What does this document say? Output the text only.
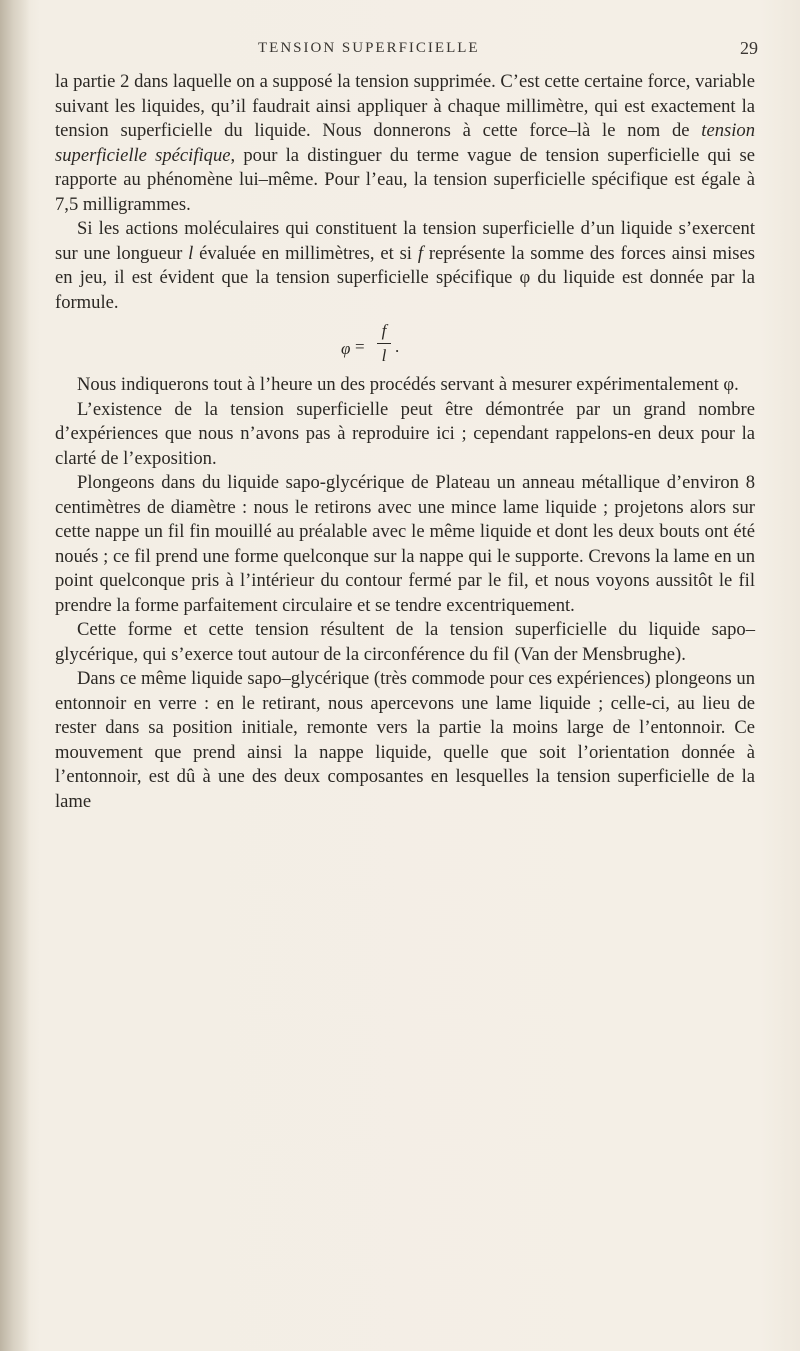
TENSION SUPERFICIELLE	29

la partie 2 dans laquelle on a supposé la tension supprimée. C’est cette certaine force, variable suivant les liquides, qu’il faudrait ainsi appliquer à chaque millimètre, qui est exactement la tension superficielle du liquide. Nous donnerons à cette force–là le nom de tension superficielle spécifique, pour la distinguer du terme vague de tension superficielle qui se rapporte au phénomène lui–même. Pour l’eau, la tension superficielle spécifique est égale à 7,5 milligrammes.

Si les actions moléculaires qui constituent la tension superficielle d’un liquide s’exercent sur une longueur l évaluée en millimètres, et si f représente la somme des forces ainsi mises en jeu, il est évident que la tension superficielle spécifique φ du liquide est donnée par la formule.

φ =
f
l .

Nous indiquerons tout à l’heure un des procédés servant à mesurer expérimentalement φ.

L’existence de la tension superficielle peut être démontrée par un grand nombre d’expériences que nous n’avons pas à reproduire ici ; cependant rappelons-en deux pour la clarté de l’exposition.

Plongeons dans du liquide sapo-glycérique de Plateau un anneau métallique d’environ 8 centimètres de diamètre : nous le retirons avec une mince lame liquide ; projetons alors sur cette nappe un fil fin mouillé au préalable avec le même liquide et dont les deux bouts ont été noués ; ce fil prend une forme quelconque sur la nappe qui le supporte. Crevons la lame en un point quelconque pris à l’intérieur du contour fermé par le fil, et nous voyons aussitôt le fil prendre la forme parfaitement circulaire et se tendre excentriquement.

Cette forme et cette tension résultent de la tension superficielle du liquide sapo–glycérique, qui s’exerce tout autour de la circonférence du fil (Van der Mensbrughe).

Dans ce même liquide sapo–glycérique (très commode pour ces expériences) plongeons un entonnoir en verre : en le retirant, nous apercevons une lame liquide ; celle-ci, au lieu de rester dans sa position initiale, remonte vers la partie la moins large de l’entonnoir. Ce mouvement que prend ainsi la nappe liquide, quelle que soit l’orientation donnée à l’entonnoir, est dû à une des deux composantes en lesquelles la tension superficielle de la lame
